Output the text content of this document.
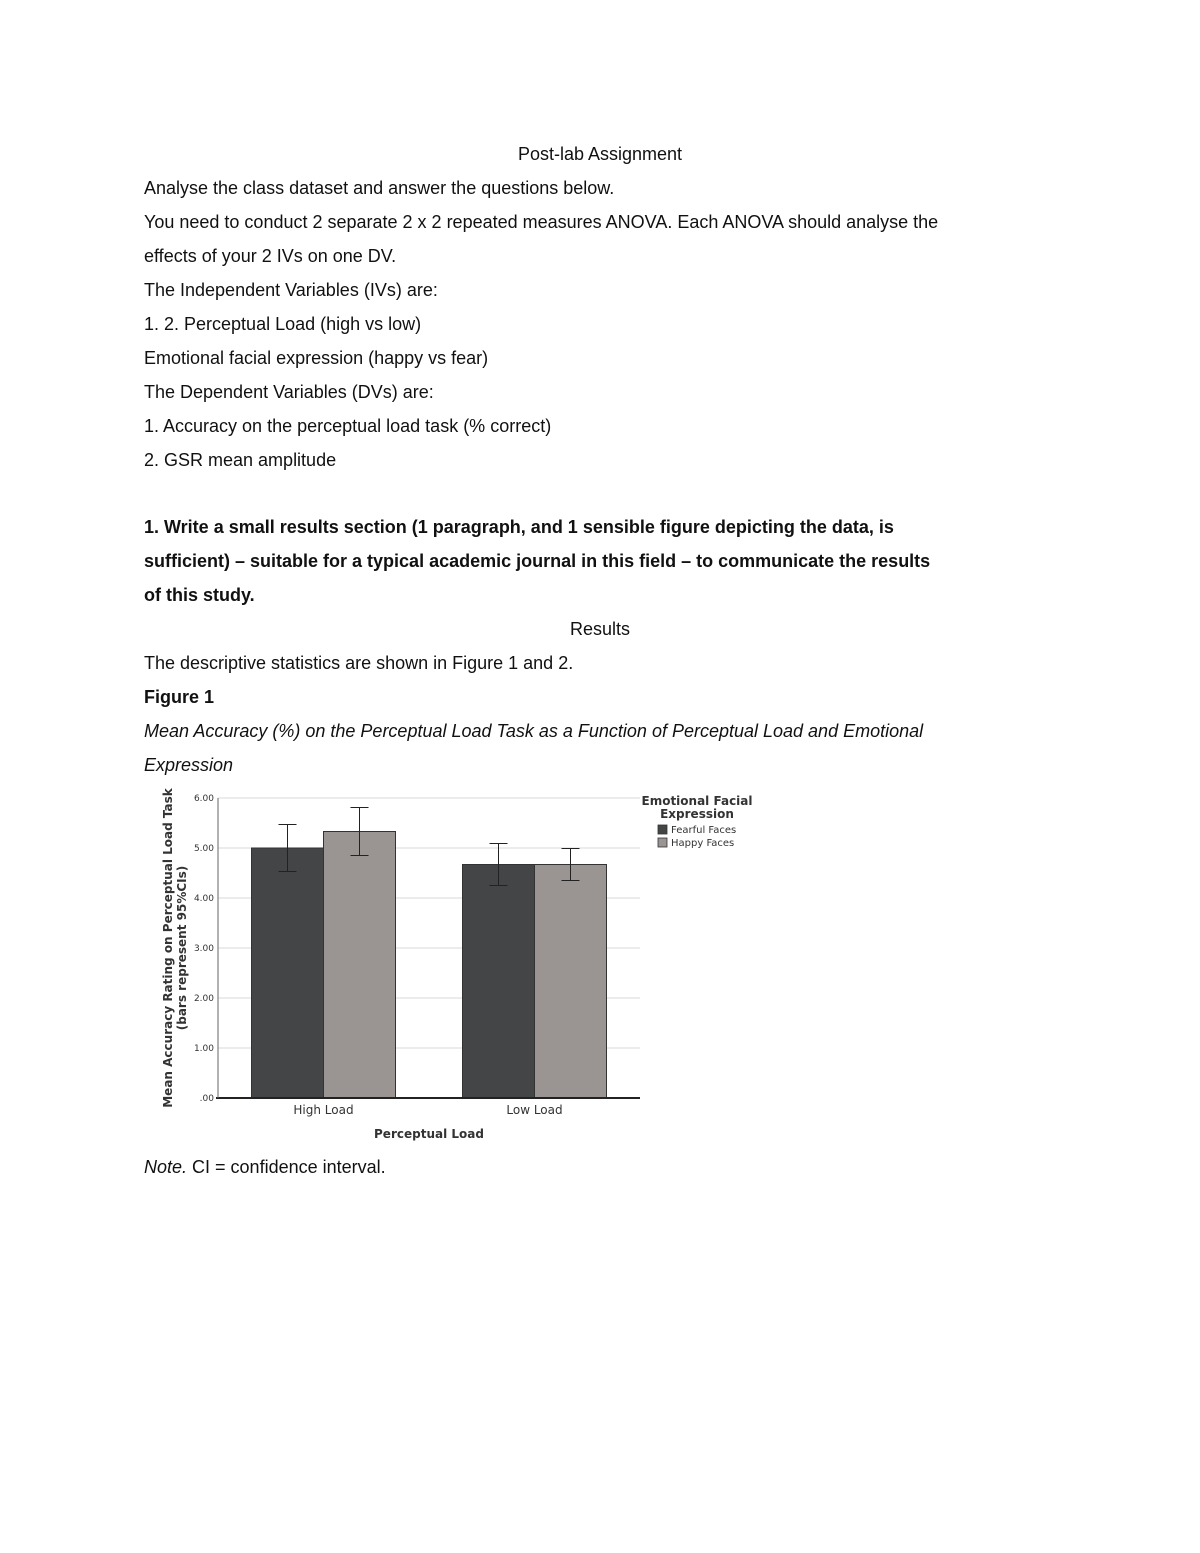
Post-lab Assignment
Analyse the class dataset and answer the questions below.
You need to conduct 2 separate 2 x 2 repeated measures ANOVA. Each ANOVA should analyse the
effects of your 2 IVs on one DV.
The Independent Variables (IVs) are:
1. 2. Perceptual Load (high vs low)
Emotional facial expression (happy vs fear)
The Dependent Variables (DVs) are:
1. Accuracy on the perceptual load task (% correct)
2. GSR mean amplitude
1. Write a small results section (1 paragraph, and 1 sensible figure depicting the data, is
sufficient) – suitable for a typical academic journal in this field – to communicate the results
of this study.
Results
The descriptive statistics are shown in Figure 1 and 2.
Figure 1
Mean Accuracy (%) on the Perceptual Load Task as a Function of Perceptual Load and Emotional
Expression
.00
1.00
2.00
3.00
4.00
5.00
6.00
High Load	Low Load
Perceptual Load
Mean Accuracy Rating on Perceptual Load Task (bars represent 95%CIs)
Emotional Facial
Expression
Fearful Faces
Happy Faces
Note. CI = confidence interval.
